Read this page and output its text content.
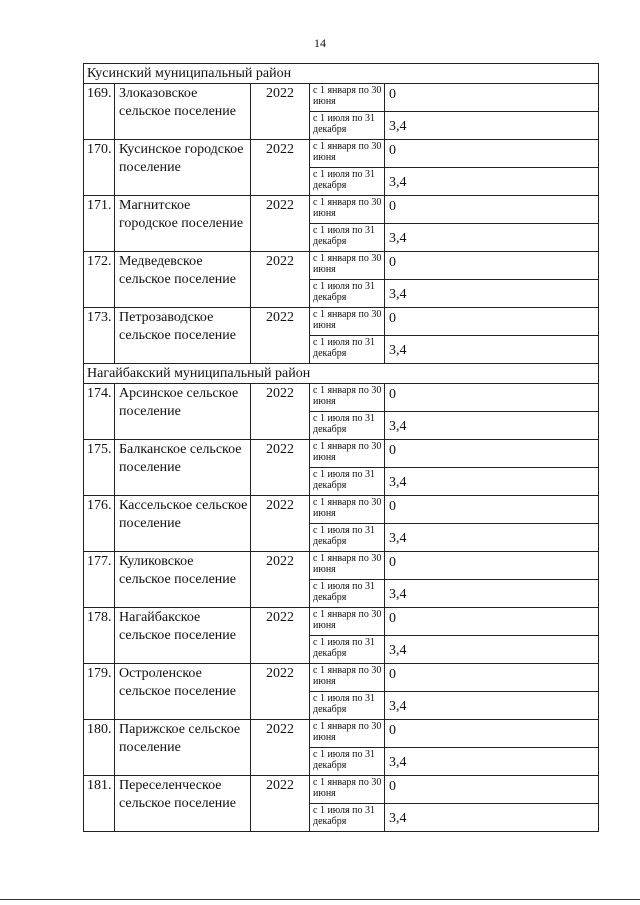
14
Кусинский муниципальный район				
169.	Злоказовское сельское поселение	2022	с 1 января по 30 июня	0
			с 1 июля по 31 декабря	3,4
170.	Кусинское городское поселение	2022	с 1 января по 30 июня	0
			с 1 июля по 31 декабря	3,4
171.	Магнитское городское поселение	2022	с 1 января по 30 июня	0
			с 1 июля по 31 декабря	3,4
172.	Медведевское сельское поселение	2022	с 1 января по 30 июня	0
			с 1 июля по 31 декабря	3,4
173.	Петрозаводское сельское поселение	2022	с 1 января по 30 июня	0
			с 1 июля по 31 декабря	3,4
Нагайбакский муниципальный район				
174.	Арсинское сельское поселение	2022	с 1 января по 30 июня	0
			с 1 июля по 31 декабря	3,4
175.	Балканское сельское поселение	2022	с 1 января по 30 июня	0
			с 1 июля по 31 декабря	3,4
176.	Кассельское сельское поселение	2022	с 1 января по 30 июня	0
			с 1 июля по 31 декабря	3,4
177.	Куликовское сельское поселение	2022	с 1 января по 30 июня	0
			с 1 июля по 31 декабря	3,4
178.	Нагайбакское сельское поселение	2022	с 1 января по 30 июня	0
			с 1 июля по 31 декабря	3,4
179.	Остроленское сельское поселение	2022	с 1 января по 30 июня	0
			с 1 июля по 31 декабря	3,4
180.	Парижское сельское поселение	2022	с 1 января по 30 июня	0
			с 1 июля по 31 декабря	3,4
181.	Переселенческое сельское поселение	2022	с 1 января по 30 июня	0
			с 1 июля по 31 декабря	3,4
